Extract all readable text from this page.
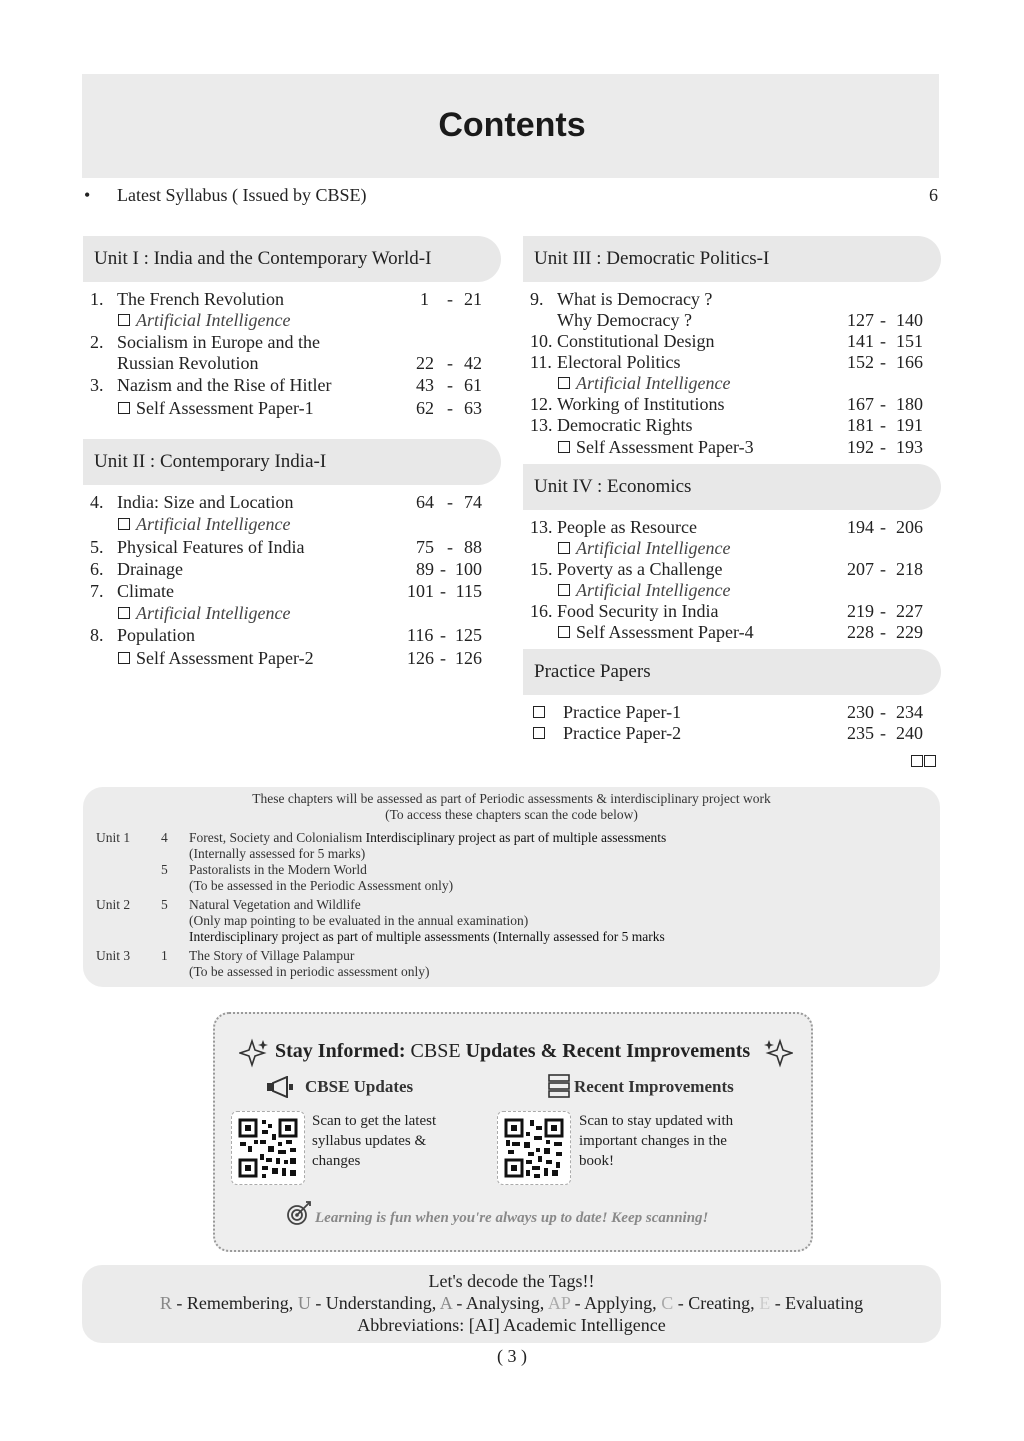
Contents
• Latest Syllabus ( Issued by CBSE)	6
Unit I : India and the Contemporary World-I
1. The French Revolution	1 - 21
Artificial Intelligence
2. Socialism in Europe and the
Russian Revolution	22 - 42
3. Nazism and the Rise of Hitler	43 - 61
Self Assessment Paper-1	62 - 63
Unit II : Contemporary India-I
4. India: Size and Location	64 - 74
Artificial Intelligence
5. Physical Features of India	75 - 88
6. Drainage	89 - 100
7. Climate	101 - 115
Artificial Intelligence
8. Population	116 - 125
Self Assessment Paper-2	126 - 126
Unit III : Democratic Politics-I
9. What is Democracy ?
Why Democracy ?	127 - 140
10. Constitutional Design	141 - 151
11. Electoral Politics	152 - 166
Artificial Intelligence
12. Working of Institutions	167 - 180
13. Democratic Rights	181 - 191
Self Assessment Paper-3	192 - 193
Unit IV : Economics
13. People as Resource	194 - 206
Artificial Intelligence
15. Poverty as a Challenge	207 - 218
Artificial Intelligence
16. Food Security in India	219 - 227
Self Assessment Paper-4	228 - 229
Practice Papers
Practice Paper-1	230 - 234
Practice Paper-2	235 - 240
These chapters will be assessed as part of Periodic assessments & interdisciplinary project work
(To access these chapters scan the code below)
Unit 1 4 Forest, Society and Colonialism Interdisciplinary project as part of multiple assessments
(Internally assessed for 5 marks)
5 Pastoralists in the Modern World
(To be assessed in the Periodic Assessment only)
Unit 2 5 Natural Vegetation and Wildlife
(Only map pointing to be evaluated in the annual examination)
Interdisciplinary project as part of multiple assessments (Internally assessed for 5 marks
Unit 3 1 The Story of Village Palampur
(To be assessed in periodic assessment only)
Stay Informed: CBSE Updates & Recent Improvements
CBSE Updates	Recent Improvements
Scan to get the latest
syllabus updates &
changes
Scan to stay updated with
important changes in the
book!
Learning is fun when you're always up to date! Keep scanning!
Let's decode the Tags!!
R - Remembering, U - Understanding, A - Analysing, AP - Applying, C - Creating, E - Evaluating
Abbreviations: [AI] Academic Intelligence
( 3 )
